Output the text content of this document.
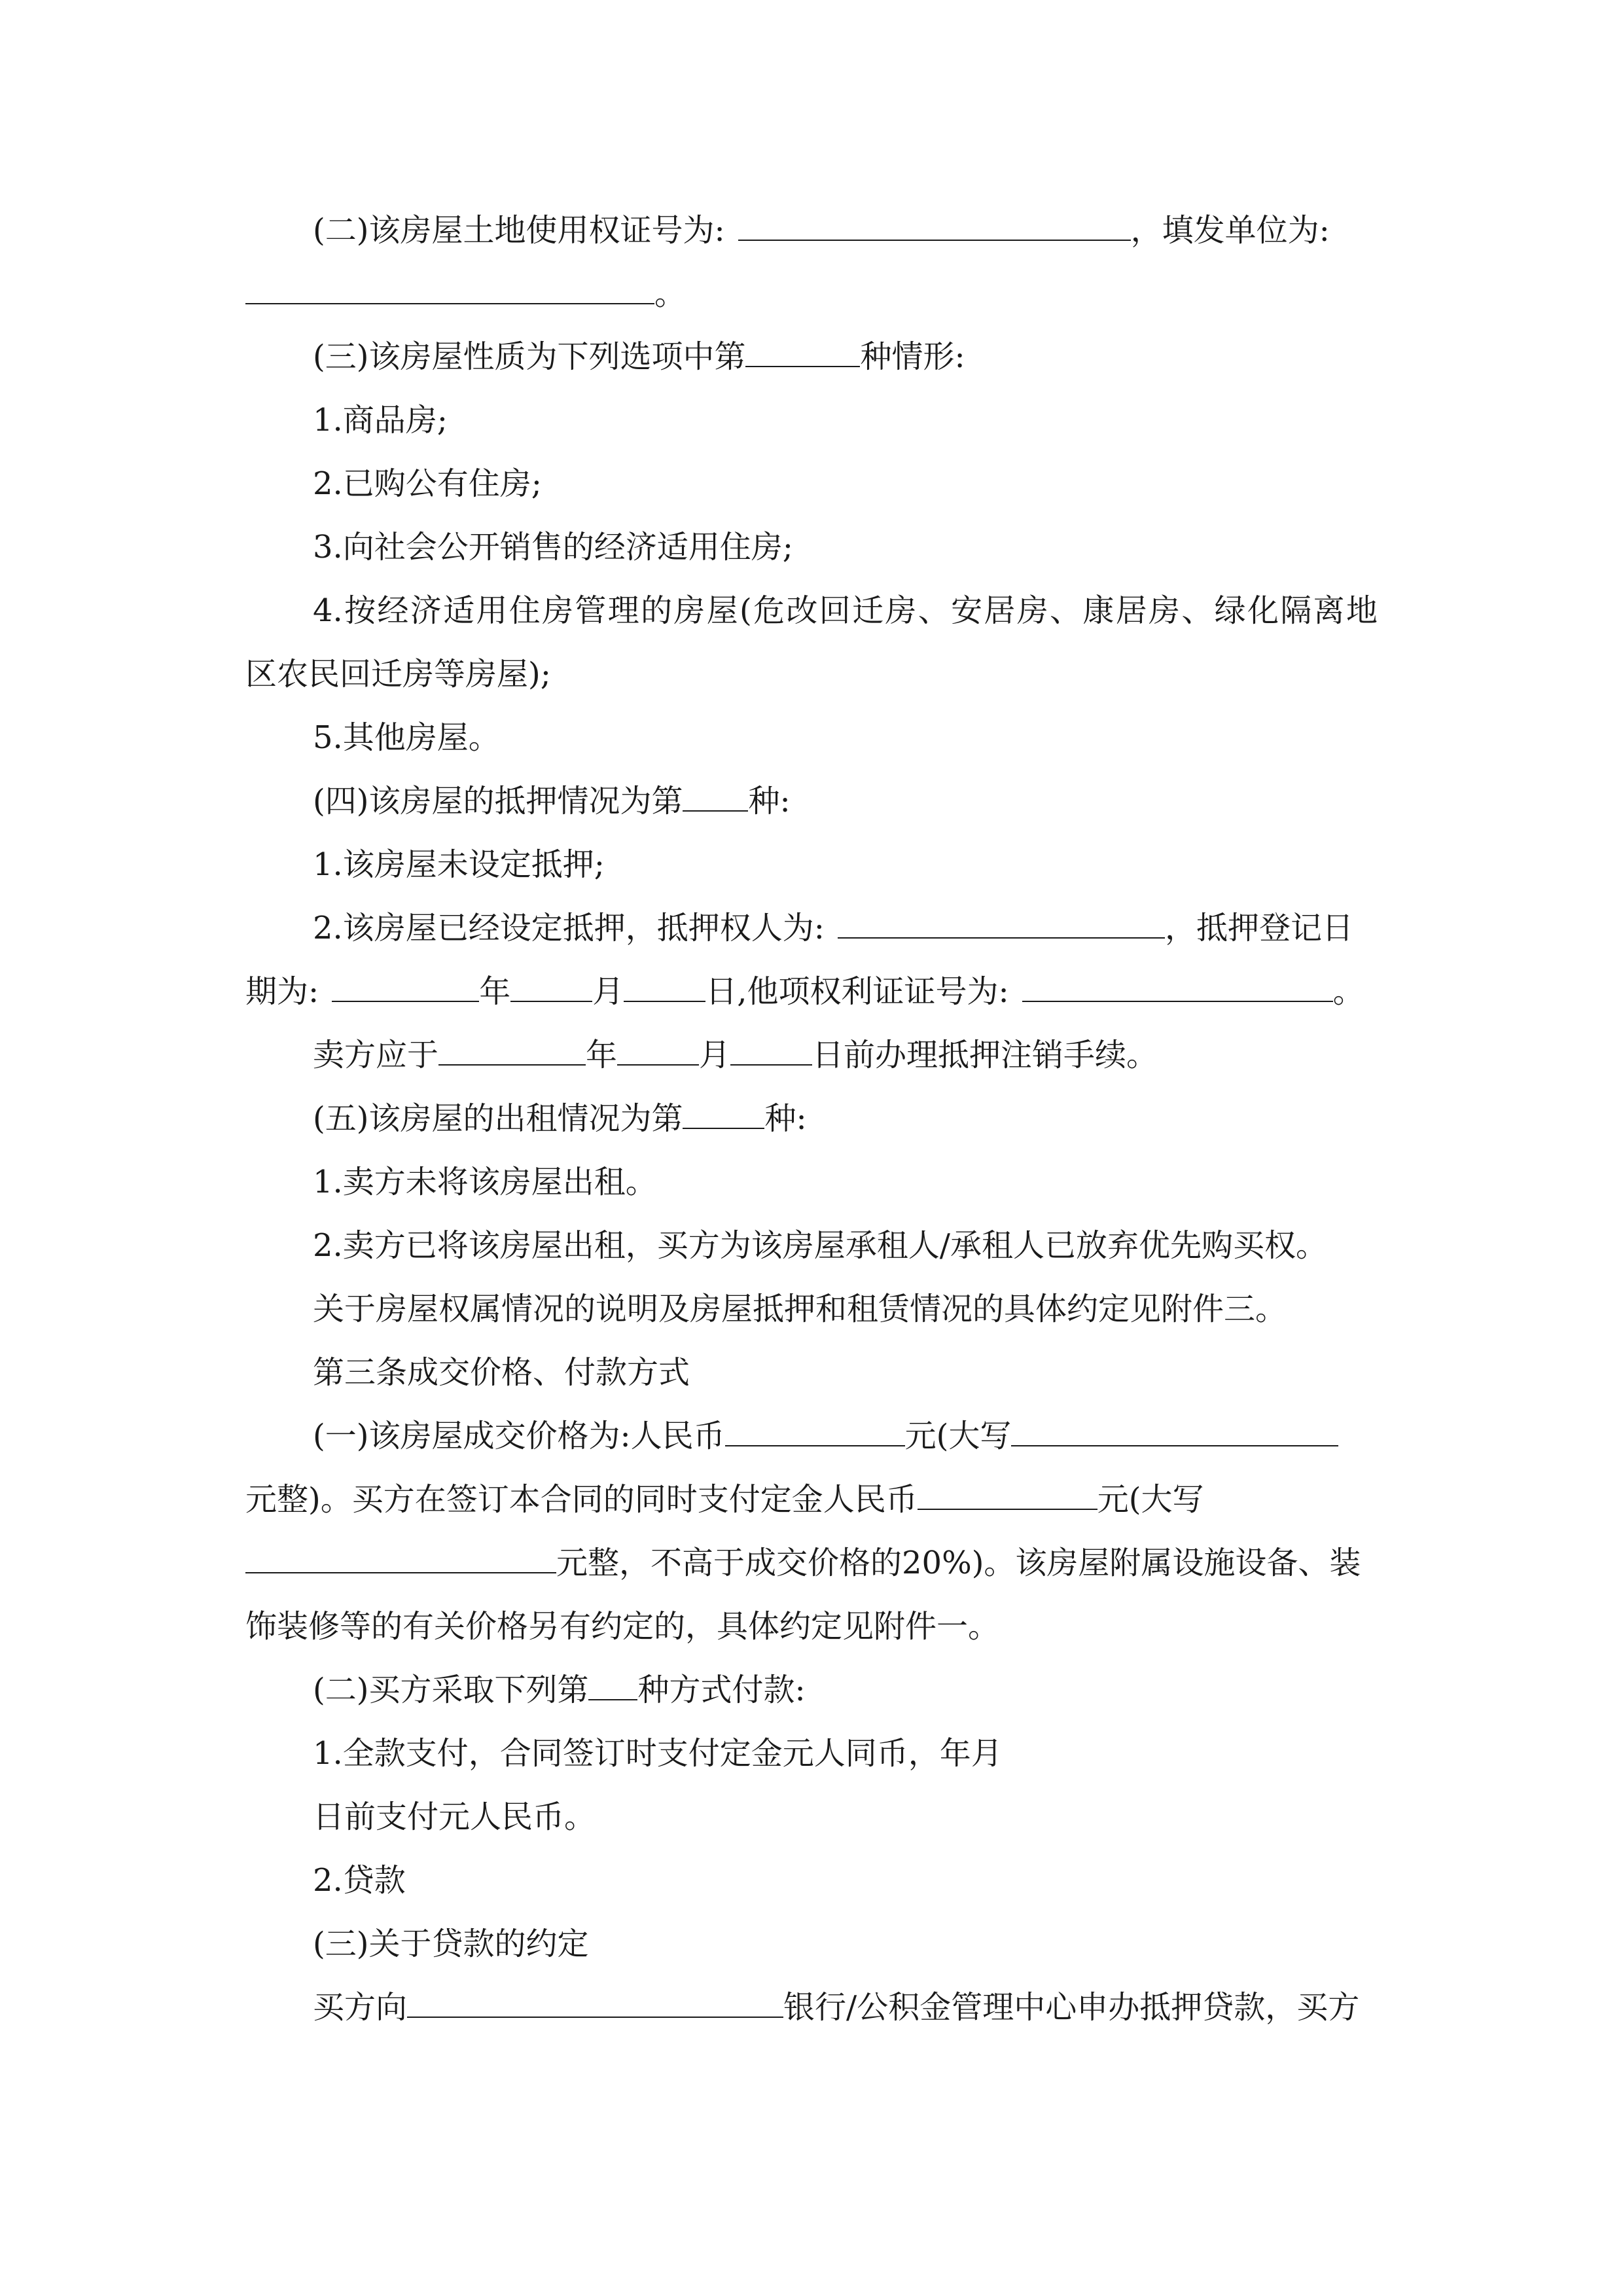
(二)该房屋土地使用权证号为:	，填发单位为:
。
(三)该房屋性质为下列选项中第	种情形:
1.商品房;
2.已购公有住房;
3.向社会公开销售的经济适用住房;
4.按经济适用住房管理的房屋(危改回迁房、安居房、康居房、绿化隔离地
区农民回迁房等房屋);
5.其他房屋。
(四)该房屋的抵押情况为第 种:
1.该房屋未设定抵押;
2.该房屋已经设定抵押，抵押权人为:	，抵押登记日
期为:	年	月	日,他项权利证证号为:	。
卖方应于	年	月	日前办理抵押注销手续。
(五)该房屋的出租情况为第	种:
1.卖方未将该房屋出租。
2.卖方已将该房屋出租，买方为该房屋承租人/承租人已放弃优先购买权。
关于房屋权属情况的说明及房屋抵押和租赁情况的具体约定见附件三。
第三条成交价格、付款方式
(一)该房屋成交价格为:人民币	元(大写
元整)。买方在签订本合同的同时支付定金人民币	元(大写
元整，不高于成交价格的20%)。该房屋附属设施设备、装
饰装修等的有关价格另有约定的，具体约定见附件一。
(二)买方采取下列第 种方式付款:
1.全款支付，合同签订时支付定金元人同币，年月
日前支付元人民币。
2.贷款
(三)关于贷款的约定
买方向	银行/公积金管理中心申办抵押贷款，买方
